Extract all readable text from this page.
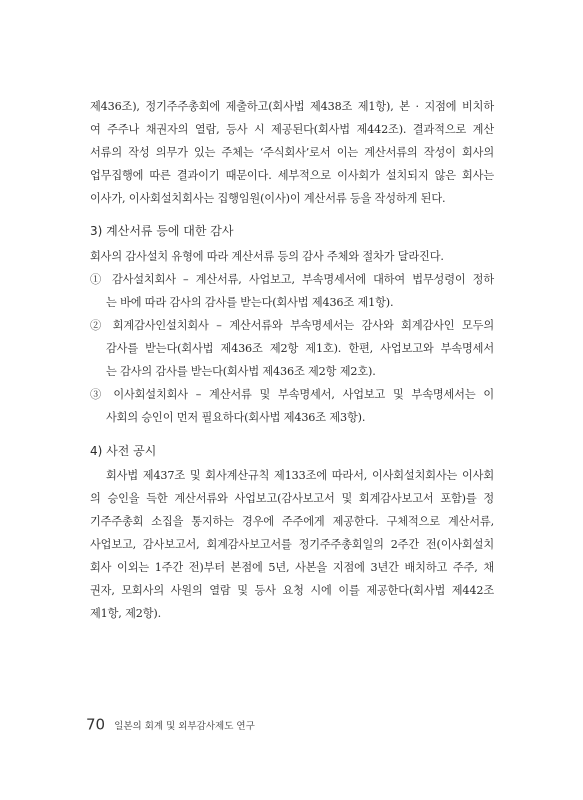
제436조), 정기주주총회에 제출하고(회사법 제438조 제1항), 본 · 지점에 비치하
여 주주나 채권자의 열람, 등사 시 제공된다(회사법 제442조). 결과적으로 계산
서류의 작성 의무가 있는 주체는 ‘주식회사’로서 이는 계산서류의 작성이 회사의
업무집행에 따른 결과이기 때문이다. 세부적으로 이사회가 설치되지 않은 회사는
이사가, 이사회설치회사는 집행임원(이사)이 계산서류 등을 작성하게 된다.
3) 계산서류 등에 대한 감사
회사의 감사설치 유형에 따라 계산서류 등의 감사 주체와 절차가 달라진다.
① 감사설치회사 – 계산서류, 사업보고, 부속명세서에 대하여 법무성령이 정하
는 바에 따라 감사의 감사를 받는다(회사법 제436조 제1항).
② 회계감사인설치회사 – 계산서류와 부속명세서는 감사와 회계감사인 모두의
감사를 받는다(회사법 제436조 제2항 제1호). 한편, 사업보고와 부속명세서
는 감사의 감사를 받는다(회사법 제436조 제2항 제2호).
③ 이사회설치회사 – 계산서류 및 부속명세서, 사업보고 및 부속명세서는 이
사회의 승인이 먼저 필요하다(회사법 제436조 제3항).
4) 사전 공시
회사법 제437조 및 회사계산규칙 제133조에 따라서, 이사회설치회사는 이사회
의 승인을 득한 계산서류와 사업보고(감사보고서 및 회계감사보고서 포함)를 정
기주주총회 소집을 통지하는 경우에 주주에게 제공한다. 구체적으로 계산서류,
사업보고, 감사보고서, 회계감사보고서를 정기주주총회일의 2주간 전(이사회설치
회사 이외는 1주간 전)부터 본점에 5년, 사본을 지점에 3년간 배치하고 주주, 채
권자, 모회사의 사원의 열람 및 등사 요청 시에 이를 제공한다(회사법 제442조
제1항, 제2항).
70 일본의 회계 및 외부감사제도 연구
